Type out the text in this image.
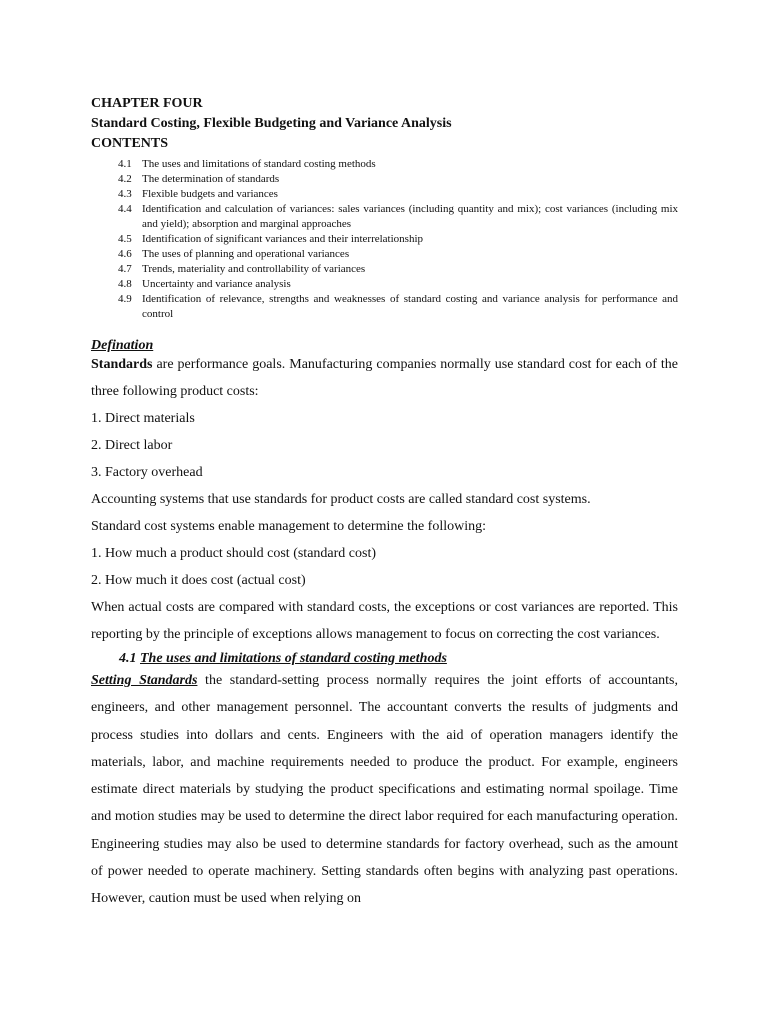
CHAPTER FOUR

Standard Costing, Flexible Budgeting and Variance Analysis

CONTENTS

4.1 The uses and limitations of standard costing methods
4.2 The determination of standards
4.3 Flexible budgets and variances
4.4 Identification and calculation of variances: sales variances (including quantity and mix); cost variances (including mix and yield); absorption and marginal approaches
4.5 Identification of significant variances and their interrelationship
4.6 The uses of planning and operational variances
4.7 Trends, materiality and controllability of variances
4.8 Uncertainty and variance analysis
4.9 Identification of relevance, strengths and weaknesses of standard costing and variance analysis for performance and control

Defination

Standards are performance goals. Manufacturing companies normally use standard cost for each of the three following product costs:

1. Direct materials

2. Direct labor

3. Factory overhead

Accounting systems that use standards for product costs are called standard cost systems.

Standard cost systems enable management to determine the following:

1. How much a product should cost (standard cost)

2. How much it does cost (actual cost)

When actual costs are compared with standard costs, the exceptions or cost variances are reported. This reporting by the principle of exceptions allows management to focus on correcting the cost variances.

4.1 The uses and limitations of standard costing methods

Setting Standards the standard-setting process normally requires the joint efforts of accountants, engineers, and other management personnel. The accountant converts the results of judgments and process studies into dollars and cents. Engineers with the aid of operation managers identify the materials, labor, and machine requirements needed to produce the product. For example, engineers estimate direct materials by studying the product specifications and estimating normal spoilage. Time and motion studies may be used to determine the direct labor required for each manufacturing operation. Engineering studies may also be used to determine standards for factory overhead, such as the amount of power needed to operate machinery. Setting standards often begins with analyzing past operations. However, caution must be used when relying on
